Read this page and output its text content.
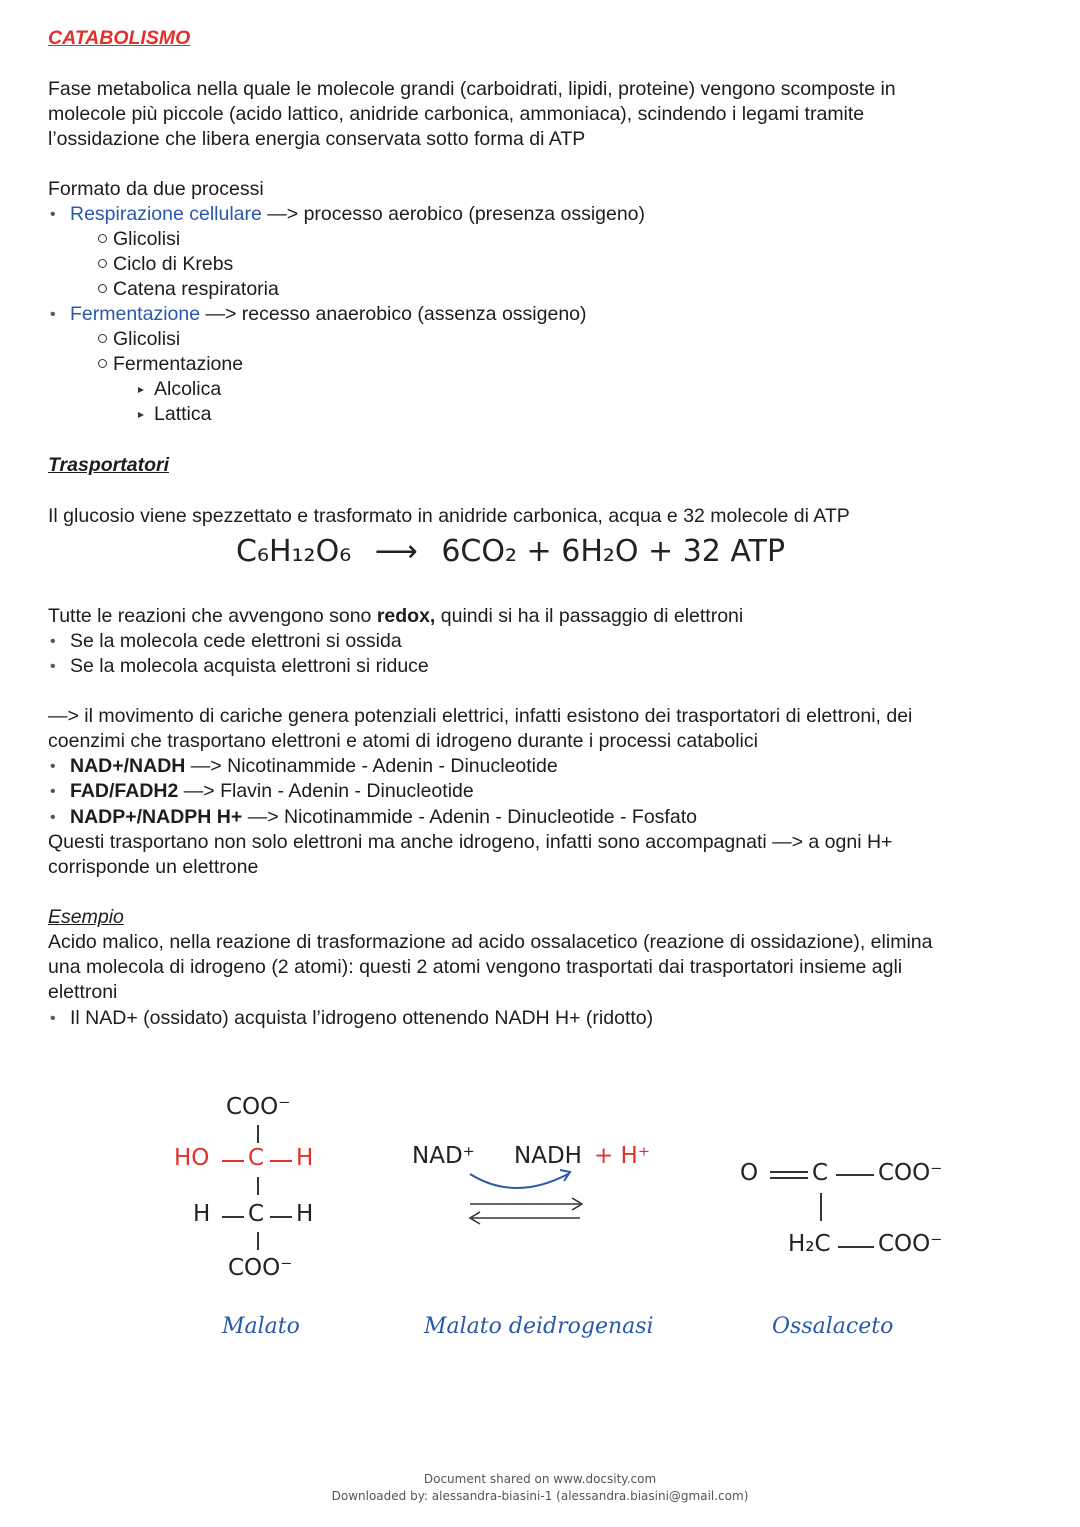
CATABOLISMO
Fase metabolica nella quale le molecole grandi (carboidrati, lipidi, proteine) vengono scomposte in
molecole più piccole (acido lattico, anidride carbonica, ammoniaca), scindendo i legami tramite
l’ossidazione che libera energia conservata sotto forma di ATP
Formato da due processi
• Respirazione cellulare —> processo aerobico (presenza ossigeno)
Glicolisi
Ciclo di Krebs
Catena respiratoria
• Fermentazione —> recesso anaerobico (assenza ossigeno)
Glicolisi
Fermentazione
Alcolica
Lattica
Trasportatori
Il glucosio viene spezzettato e trasformato in anidride carbonica, acqua e 32 molecole di ATP
C₆H₁₂O₆ ⟶ 6CO₂ + 6H₂O + 32 ATP
Tutte le reazioni che avvengono sono redox, quindi si ha il passaggio di elettroni
• Se la molecola cede elettroni si ossida
• Se la molecola acquista elettroni si riduce
—> il movimento di cariche genera potenziali elettrici, infatti esistono dei trasportatori di elettroni, dei
coenzimi che trasportano elettroni e atomi di idrogeno durante i processi catabolici
• NAD+/NADH —> Nicotinammide - Adenin - Dinucleotide
• FAD/FADH2 —> Flavin - Adenin - Dinucleotide
• NADP+/NADPH H+ —> Nicotinammide - Adenin - Dinucleotide - Fosfato
Questi trasportano non solo elettroni ma anche idrogeno, infatti sono accompagnati —> a ogni H+
corrisponde un elettrone
Esempio
Acido malico, nella reazione di trasformazione ad acido ossalacetico (reazione di ossidazione), elimina
una molecola di idrogeno (2 atomi): questi 2 atomi vengono trasportati dai trasportatori insieme agli
elettroni
• Il NAD+ (ossidato) acquista l’idrogeno ottenendo NADH H+ (ridotto)
COO⁻
HO C H
H C H
COO⁻
Malato
NAD⁺ NADH + H⁺
Malato deidrogenasi
O C COO⁻
H₂C COO⁻
Ossalaceto
Document shared on www.docsity.com
Downloaded by: alessandra-biasini-1 (alessandra.biasini@gmail.com)
